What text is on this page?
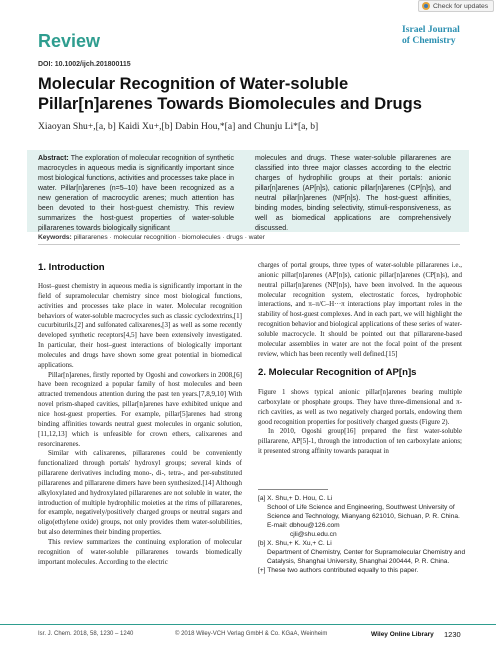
Check for updates
Review
Israel Journal
of Chemistry
DOI: 10.1002/ijch.201800115
Molecular Recognition of Water-soluble Pillar[n]arenes Towards Biomolecules and Drugs
Xiaoyan Shu+,[a, b] Kaidi Xu+,[b] Dabin Hou,*[a] and Chunju Li*[a, b]
Abstract: The exploration of molecular recognition of synthetic macrocycles in aqueous media is significantly important since most biological functions, activities and processes take place in water. Pillar[n]arenes (n=5–10) have been recognized as a new generation of macrocyclic arenes; much attention has been devoted to their host-guest chemistry. This review summarizes the host-guest properties of water-soluble pillararenes towards biologically significant
molecules and drugs. These water-soluble pillararenes are classified into three major classes according to the electric charges of hydrophilic groups at their portals: anionic pillar[n]arenes (AP[n]s), cationic pillar[n]arenes (CP[n]s), and neutral pillar[n]arenes (NP[n]s). The host-guest affinities, binding modes, binding selectivity, stimuli-responsiveness, as well as biomedical applications are comprehensively discussed.
Keywords: pillararenes · molecular recognition · biomolecules · drugs · water
1. Introduction

Host–guest chemistry in aqueous media is significantly important in the field of supramolecular chemistry since most biological functions, activities and processes take place in water. Molecular recognition behaviors of water-soluble macrocycles such as classic cyclodextrins,[1] cucurbiturils,[2] and sulfonated calixarenes,[3] as well as some recently developed synthetic receptors[4,5] have been extensively investigated. In particular, their host–guest interactions of biologically important molecules and drugs have shown some great potential in biomedical applications.

Pillar[n]arenes, firstly reported by Ogoshi and coworkers in 2008,[6] have been recognized a popular family of host molecules and been attracted tremendous attention during the past ten years.[7,8,9,10] With novel prism-shaped cavities, pillar[n]arenes have exhibited unique and nice host-guest properties. For example, pillar[5]arenes had strong binding affinities towards neutral guest molecules in organic solution,[11,12,13] which is unfeasible for crown ethers, calixarenes and resorcinarenes.

Similar with calixarenes, pillararenes could be conveniently functionalized through portals' hydroxyl groups; several kinds of pillararene derivatives including mono-, di-, tetra-, and per-substituted pillararenes and pillararene dimers have been synthesized.[14] Although alkyloxylated and hydroxylated pillararenes are not soluble in water, the introduction of multiple hydrophilic moieties at the rims of pillararenes, for example, negatively/positively charged groups or neutral sugars and oligo(ethylene oxide) groups, not only provides them water-solubilities, but also determines their binding properties.

This review summarizes the continuing exploration of molecular recognition of water-soluble pillararenes towards biomedically important molecules. According to the electric

charges of portal groups, three types of water-soluble pillararenes i.e., anionic pillar[n]arenes (AP[n]s), cationic pillar[n]arenes (CP[n]s), and neutral pillar[n]arenes (NP[n]s), have been involved. In the aqueous molecular recognition system, electrostatic forces, hydrophobic interactions, and π–π/C–H···π interactions play important roles in the stability of host-guest complexes. And in each part, we will highlight the recognition behavior and biological applications of these series of water-soluble macrocycle. It should be pointed out that pillararene-based molecular assemblies in water are not the focal point of the present review, which has been recently well defined.[15]

2. Molecular Recognition of AP[n]s

Figure 1 shows typical anionic pillar[n]arenes bearing multiple carboxylate or phosphate groups. They have three-dimensional and π-rich cavities, as well as two negatively charged portals, endowing them good recognition properties for positively charged guests (Figure 2).

In 2010, Ogoshi group[16] prepared the first water-soluble pillararene, AP[5]-1, through the introduction of ten carboxylate anions; it presented strong affinity towards paraquat in

[a] X. Shu,+ D. Hou, C. Li

School of Life Science and Engineering, Southwest University of Science and Technology, Mianyang 621010, Sichuan, P. R. China.

E-mail: dbhou@126.com

cjli@shu.edu.cn

[b] X. Shu,+ K. Xu,+ C. Li

Department of Chemistry, Center for Supramolecular Chemistry and Catalysis, Shanghai University, Shanghai 200444, P. R. China.

[+] These two authors contributed equally to this paper.

Isr. J. Chem. 2018, 58, 1230 – 1240	© 2018 Wiley-VCH Verlag GmbH & Co. KGaA, Weinheim	Wiley Online Library 1230
